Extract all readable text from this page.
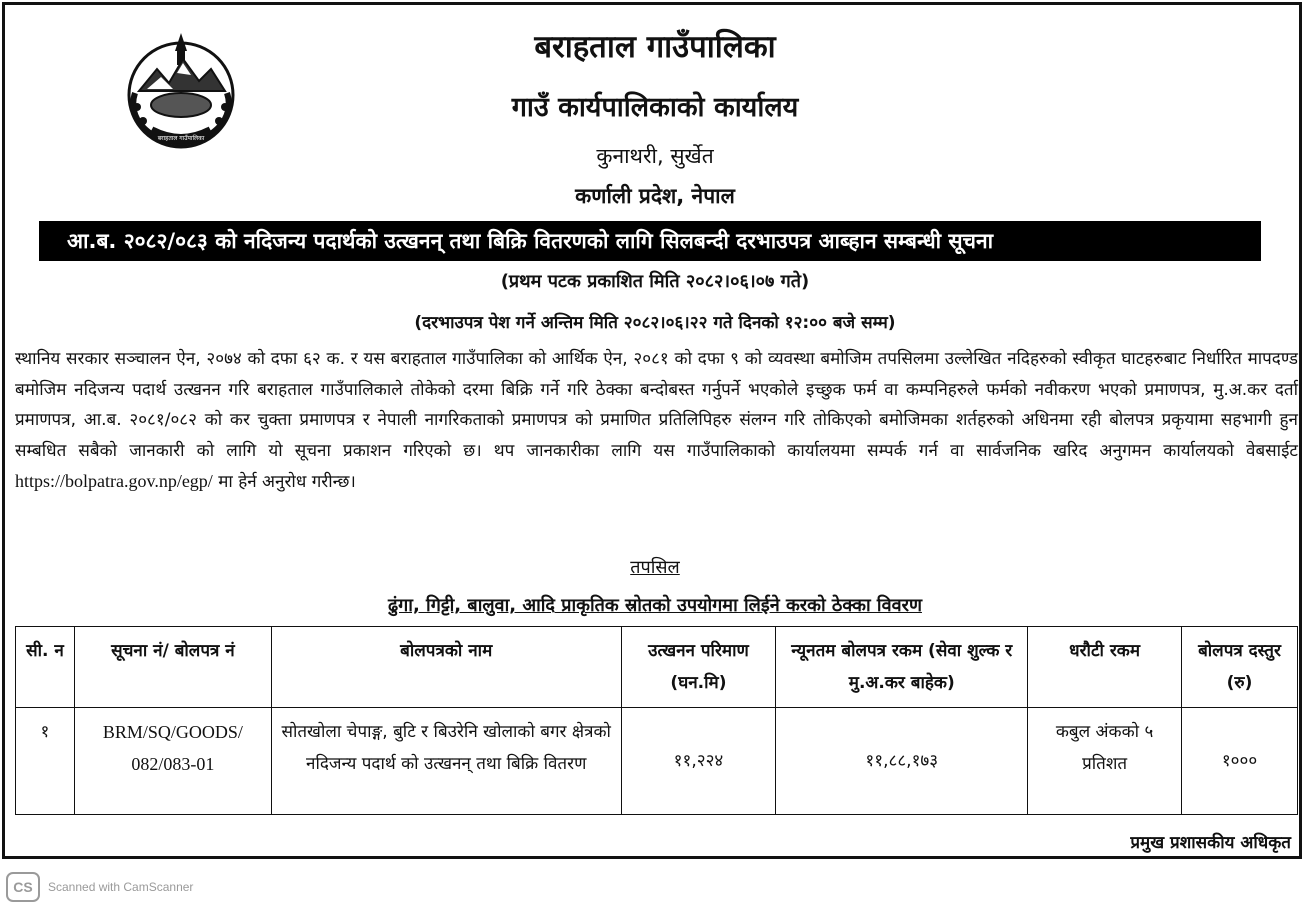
बराहताल गाउँपालिका
बराहताल गाउँपालिका
गाउँ कार्यपालिकाको कार्यालय
कुनाथरी, सुर्खेत
कर्णाली प्रदेश, नेपाल
आ.ब. २०८२/०८३ को नदिजन्य पदार्थको उत्खनन् तथा बिक्रि वितरणको लागि सिलबन्दी दरभाउपत्र आब्हान सम्बन्धी सूचना
(प्रथम पटक प्रकाशित मिति २०८२।०६।०७ गते)
(दरभाउपत्र पेश गर्ने अन्तिम मिति २०८२।०६।२२ गते दिनको १२:०० बजे सम्म)
स्थानिय सरकार सञ्चालन ऐन, २०७४ को दफा ६२ क. र यस बराहताल गाउँपालिका को आर्थिक ऐन, २०८१ को दफा ९ को व्यवस्था बमोजिम तपसिलमा उल्लेखित नदिहरुको स्वीकृत घाटहरुबाट निर्धारित मापदण्ड बमोजिम नदिजन्य पदार्थ उत्खनन गरि बराहताल गाउँपालिकाले तोकेको दरमा बिक्रि गर्ने गरि ठेक्का बन्दोबस्त गर्नुपर्ने भएकोले इच्छुक फर्म वा कम्पनिहरुले फर्मको नवीकरण भएको प्रमाणपत्र, मु.अ.कर दर्ता प्रमाणपत्र, आ.ब. २०८१/०८२ को कर चुक्ता प्रमाणपत्र र नेपाली नागरिकताको प्रमाणपत्र को प्रमाणित प्रतिलिपिहरु संलग्न गरि तोकिएको बमोजिमका शर्तहरुको अधिनमा रही बोलपत्र प्रकृयामा सहभागी हुन सम्बधित सबैको जानकारी को लागि यो सूचना प्रकाशन गरिएको छ। थप जानकारीका लागि यस गाउँपालिकाको कार्यालयमा सम्पर्क गर्न वा सार्वजनिक खरिद अनुगमन कार्यालयको वेबसाईट https://bolpatra.gov.np/egp/ मा हेर्न अनुरोध गरीन्छ।
तपसिल
ढुंगा, गिट्टी, बालुवा, आदि प्राकृतिक स्रोतको उपयोगमा लिईने करको ठेक्का विवरण
सी. न	सूचना नं/ बोलपत्र नं	बोलपत्रको नाम	उत्खनन परिमाण (घन.मि)	न्यूनतम बोलपत्र रकम (सेवा शुल्क र मु.अ.कर बाहेक)	धरौटी रकम	बोलपत्र दस्तुर (रु)
१	BRM/SQ/GOODS/ 082/083-01	सोतखोला चेपाङ्ग, बुटि र बिउरेनि खोलाको बगर क्षेत्रको नदिजन्य पदार्थ को उत्खनन् तथा बिक्रि वितरण	११,२२४	११,८८,१७३	कबुल अंकको ५ प्रतिशत	१०००
प्रमुख प्रशासकीय अधिकृत
CS	Scanned with CamScanner
